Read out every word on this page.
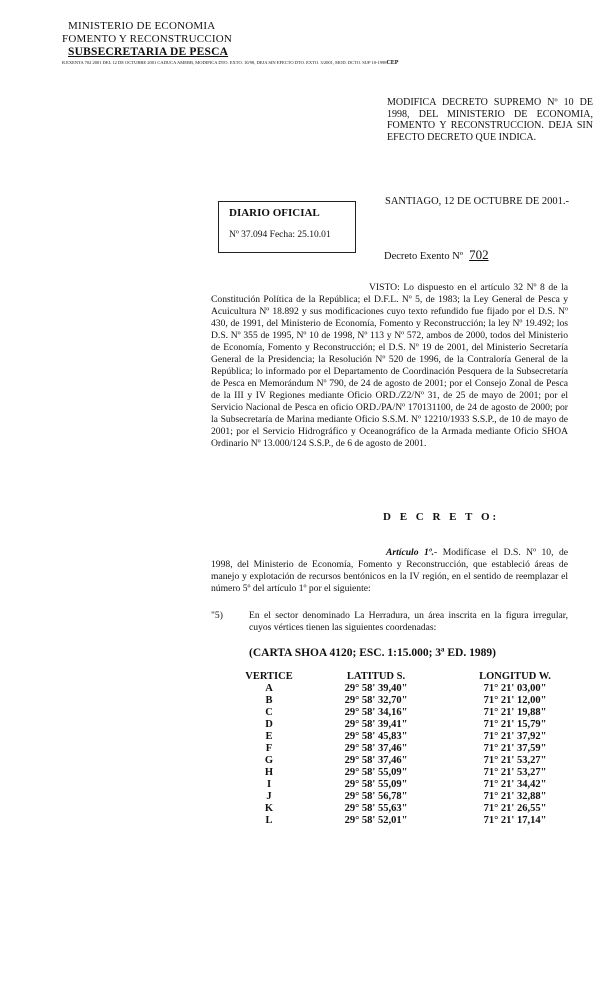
MINISTERIO DE ECONOMIA
FOMENTO Y RECONSTRUCCION
SUBSECRETARIA DE PESCA
R.EXENTA 702 2001 DEL 12 DE OCTUBRE 2001 CADUCA AMERB, MODIFICA DTO. EXTO. 10/98, DEJA SIN EFECTO DTO. EXTO. 3/2001, MOD. DCTO. SUP 10-1998CEP
MODIFICA DECRETO SUPREMO Nº 10 DE 1998, DEL MINISTERIO DE ECONOMIA, FOMENTO Y RECONSTRUCCION. DEJA SIN EFECTO DECRETO QUE INDICA.
SANTIAGO, 12 DE OCTUBRE DE 2001.-
DIARIO OFICIAL
Nº 37.094 Fecha: 25.10.01
Decreto Exento Nº 702
VISTO: Lo dispuesto en el artículo 32 Nº 8 de la Constitución Política de la República; el D.F.L. Nº 5, de 1983; la Ley General de Pesca y Acuicultura Nº 18.892 y sus modificaciones cuyo texto refundido fue fijado por el D.S. Nº 430, de 1991, del Ministerio de Economía, Fomento y Reconstrucción; la ley Nº 19.492; los D.S. Nº 355 de 1995, Nº 10 de 1998, Nº 113 y Nº 572, ambos de 2000, todos del Ministerio de Economía, Fomento y Reconstrucción; el D.S. Nº 19 de 2001, del Ministerio Secretaría General de la Presidencia; la Resolución Nº 520 de 1996, de la Contraloría General de la República; lo informado por el Departamento de Coordinación Pesquera de la Subsecretaría de Pesca en Memorándum Nº 790, de 24 de agosto de 2001; por el Consejo Zonal de Pesca de la III y IV Regiones mediante Oficio ORD./Z2/Nº 31, de 25 de mayo de 2001; por el Servicio Nacional de Pesca en oficio ORD./PA/Nº 170131100, de 24 de agosto de 2000; por la Subsecretaría de Marina mediante Oficio S.S.M. Nº 12210/1933 S.S.P., de 10 de mayo de 2001; por el Servicio Hidrográfico y Oceanográfico de la Armada mediante Oficio SHOA Ordinario Nº 13.000/124 S.S.P., de 6 de agosto de 2001.
D E C R E T O:
Artículo 1º.- Modifícase el D.S. Nº 10, de 1998, del Ministerio de Economía, Fomento y Reconstrucción, que estableció áreas de manejo y explotación de recursos bentónicos en la IV región, en el sentido de reemplazar el número 5º del artículo 1º por el siguiente:
"5)	En el sector denominado La Herradura, un área inscrita en la figura irregular, cuyos vértices tienen las siguientes coordenadas:
(CARTA SHOA 4120; ESC. 1:15.000; 3ª ED. 1989)
VERTICE	LATITUD S.	LONGITUD W.
A	29° 58' 39,40"	71° 21' 03,00"
B	29° 58' 32,70"	71° 21' 12,00"
C	29° 58' 34,16"	71° 21' 19,88"
D	29° 58' 39,41"	71° 21' 15,79"
E	29° 58' 45,83"	71° 21' 37,92"
F	29° 58' 37,46"	71° 21' 37,59"
G	29° 58' 37,46"	71° 21' 53,27"
H	29° 58' 55,09"	71° 21' 53,27"
I	29° 58' 55,09"	71° 21' 34,42"
J	29° 58' 56,78"	71° 21' 32,88"
K	29° 58' 55,63"	71° 21' 26,55"
L	29° 58' 52,01"	71° 21' 17,14"
